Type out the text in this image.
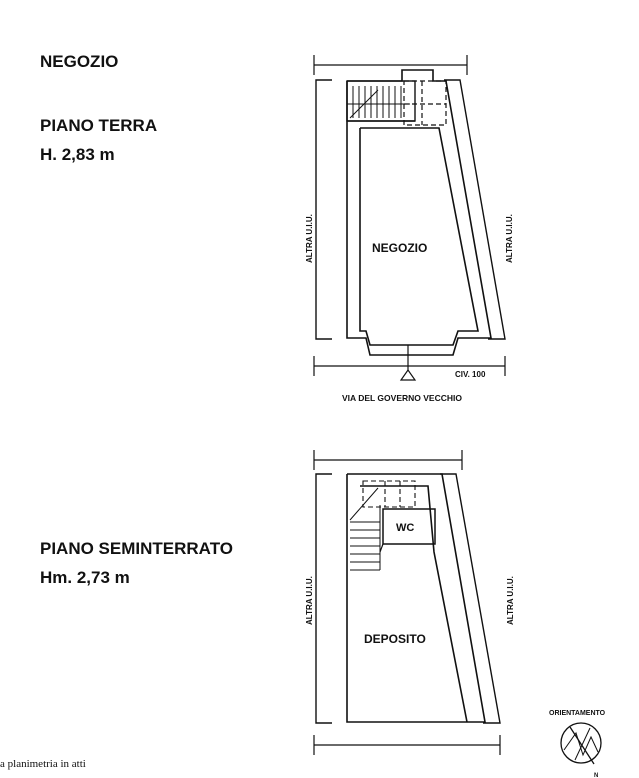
NEGOZIO
PIANO TERRA
H. 2,83 m
PIANO SEMINTERRATO
Hm. 2,73 m
NEGOZIO
ALTRA U.I.U.	ALTRA U.I.U.
CIV. 100
VIA DEL GOVERNO VECCHIO
WC
DEPOSITO
ALTRA U.I.U.	ALTRA U.I.U.
ORIENTAMENTO
N
a planimetria in atti
